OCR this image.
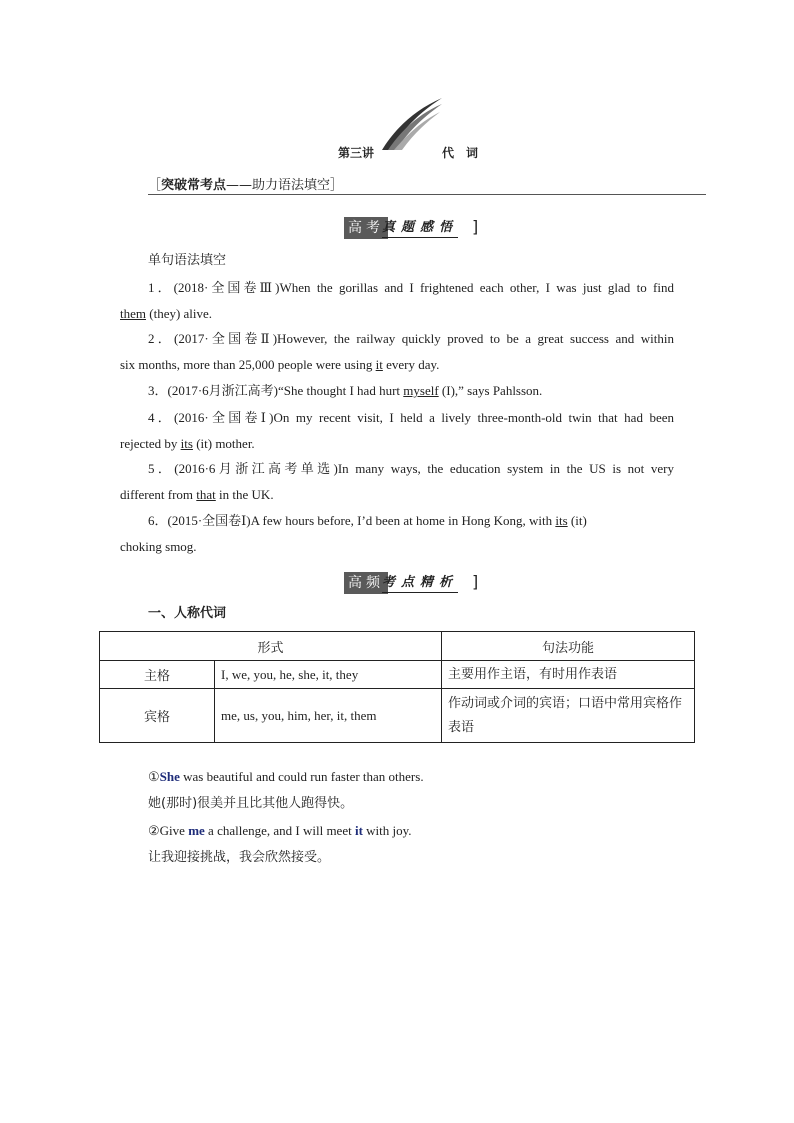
第三讲	代　词
［突破常考点——助力语法填空］
高考
真题感悟 ]
单句语法填空
1．(2018·全国卷Ⅲ)When the gorillas and I frightened each other, I was just glad to find
them (they) alive.
2．(2017·全国卷Ⅱ)However, the railway quickly proved to be a great success and within
six months, more than 25,000 people were using it every day.
3．(2017·6月浙江高考)“She thought I had hurt myself (I),” says Pahlsson.
4．(2016·全国卷Ⅰ)On my recent visit, I held a lively three-month-old twin that had been
rejected by its (it) mother.
5．(2016·6月浙江高考单选)In many ways, the education system in the US is not very
different from that in the UK.
6．(2015·全国卷Ⅰ)A few hours before, I’d been at home in Hong Kong, with its (it)
choking smog.
高频
考点精析 ]
一、人称代词
形式		句法功能
主格	I, we, you, he, she, it, they	主要用作主语，有时用作表语
宾格	me, us, you, him, her, it, them	作动词或介词的宾语；口语中常用宾格作表语
①She was beautiful and could run faster than others.
她(那时)很美并且比其他人跑得快。
②Give me a challenge, and I will meet it with joy.
让我迎接挑战，我会欣然接受。
